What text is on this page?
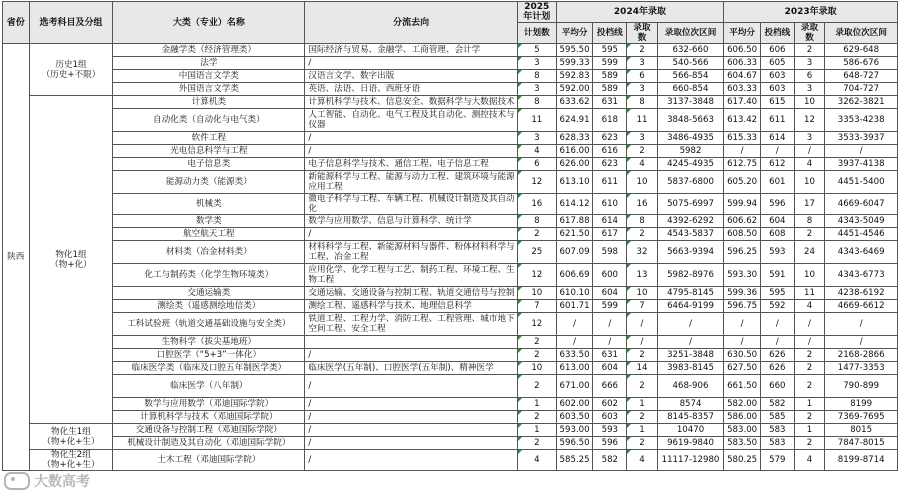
省份	选考科目及分组	大类（专业）名称	分流去向	2025年计划	2024年录取				2023年录取			
				计划数	平均分	投档线	录取数	录取位次区间	平均分	投档线	录取数	录取位次区间
陕西	历史1组
（历史+不限）	金融学类（经济管理类）	国际经济与贸易、金融学、工商管理、会计学	5	595.50	595	2	632-660	606.50	606	2	629-648
		法学	/	3	599.33	599	3	540-566	606.33	605	3	586-676
		中国语言文学类	汉语言文学、数字出版	8	592.83	589	6	566-854	604.67	603	6	648-727
		外国语言文学类	英语、法语、日语、西班牙语	3	592.00	589	3	660-854	603.33	603	3	704-727
	物化1组
（物+化）	计算机类	计算机科学与技术、信息安全、数据科学与大数据技术	8	633.62	631	8	3137-3848	617.40	615	10	3262-3821
		自动化类（自动化与电气类）	人工智能、自动化、电气工程及其自动化、测控技术与仪器	11	624.91	618	11	3848-5663	613.42	611	12	3353-4238
		软件工程	/	3	628.33	623	3	3486-4935	615.33	614	3	3533-3937
		光电信息科学与工程	/	4	616.00	616	2	5982	/	/	/	/
		电子信息类	电子信息科学与技术、通信工程、电子信息工程	6	626.00	623	4	4245-4935	612.75	612	4	3937-4138
		能源动力类（能源类）	新能源科学与工程、能源与动力工程、建筑环境与能源应用工程	12	613.10	611	10	5837-6800	605.20	601	10	4451-5400
		机械类	微电子科学与工程、车辆工程、机械设计制造及其自动化	16	614.12	610	16	5075-6997	599.94	596	17	4669-6047
		数学类	数学与应用数学、信息与计算科学、统计学	8	617.88	614	8	4392-6292	606.62	604	8	4343-5049
		航空航天工程	/	2	621.50	617	2	4543-5837	608.50	608	2	4451-4546
		材料类（冶金材料类）	材料科学与工程、新能源材料与器件、粉体材料科学与工程、冶金工程	25	607.09	598	32	5663-9394	596.25	593	24	4343-6469
		化工与制药类（化学生物环境类）	应用化学、化学工程与工艺、制药工程、环境工程、生物工程	12	606.69	600	13	5982-8976	593.30	591	10	4343-6773
		交通运输类	交通运输、交通设备与控制工程、轨道交通信号与控制	10	610.10	604	10	4795-8145	599.36	595	11	4238-6192
		测绘类（遥感测绘地信类）	测绘工程、遥感科学与技术、地理信息科学	7	601.71	599	7	6464-9199	596.75	592	4	4669-6612
		工科试验班（轨道交通基础设施与安全类）	铁道工程、工程力学、消防工程、工程管理、城市地下空间工程、安全工程	12	/	/	/	/	/	/	/	/
		生物科学（拔尖基地班）		2	/	/	/	/	/	/	/	/
		口腔医学（“5+3”一体化）	/	2	633.50	631	2	3251-3848	630.50	626	2	2168-2866
		临床医学类（临床及口腔五年制医学类）	临床医学(五年制)、口腔医学(五年制)、精神医学	10	613.00	604	14	3983-8145	627.50	626	2	1477-3353
		临床医学（八年制）	/	2	671.00	666	2	468-906	661.50	660	2	790-899
		数学与应用数学（邓迪国际学院）	/	1	602.00	602	1	8574	582.00	582	1	8199
		计算机科学与技术（邓迪国际学院）	/	2	603.50	603	2	8145-8357	586.00	585	2	7369-7695
	物化生1组
（物+化+生）	交通设备与控制工程（邓迪国际学院）	/	1	593.00	593	1	10470	583.00	583	1	8015
		机械设计制造及其自动化（邓迪国际学院）	/	2	596.50	596	2	9619-9840	583.50	583	2	7847-8015
	物化生2组
（物+化+生）	土木工程（邓迪国际学院）	/	4	585.25	582	4	11117-12980	580.25	579	4	8199-8714
大数高考
